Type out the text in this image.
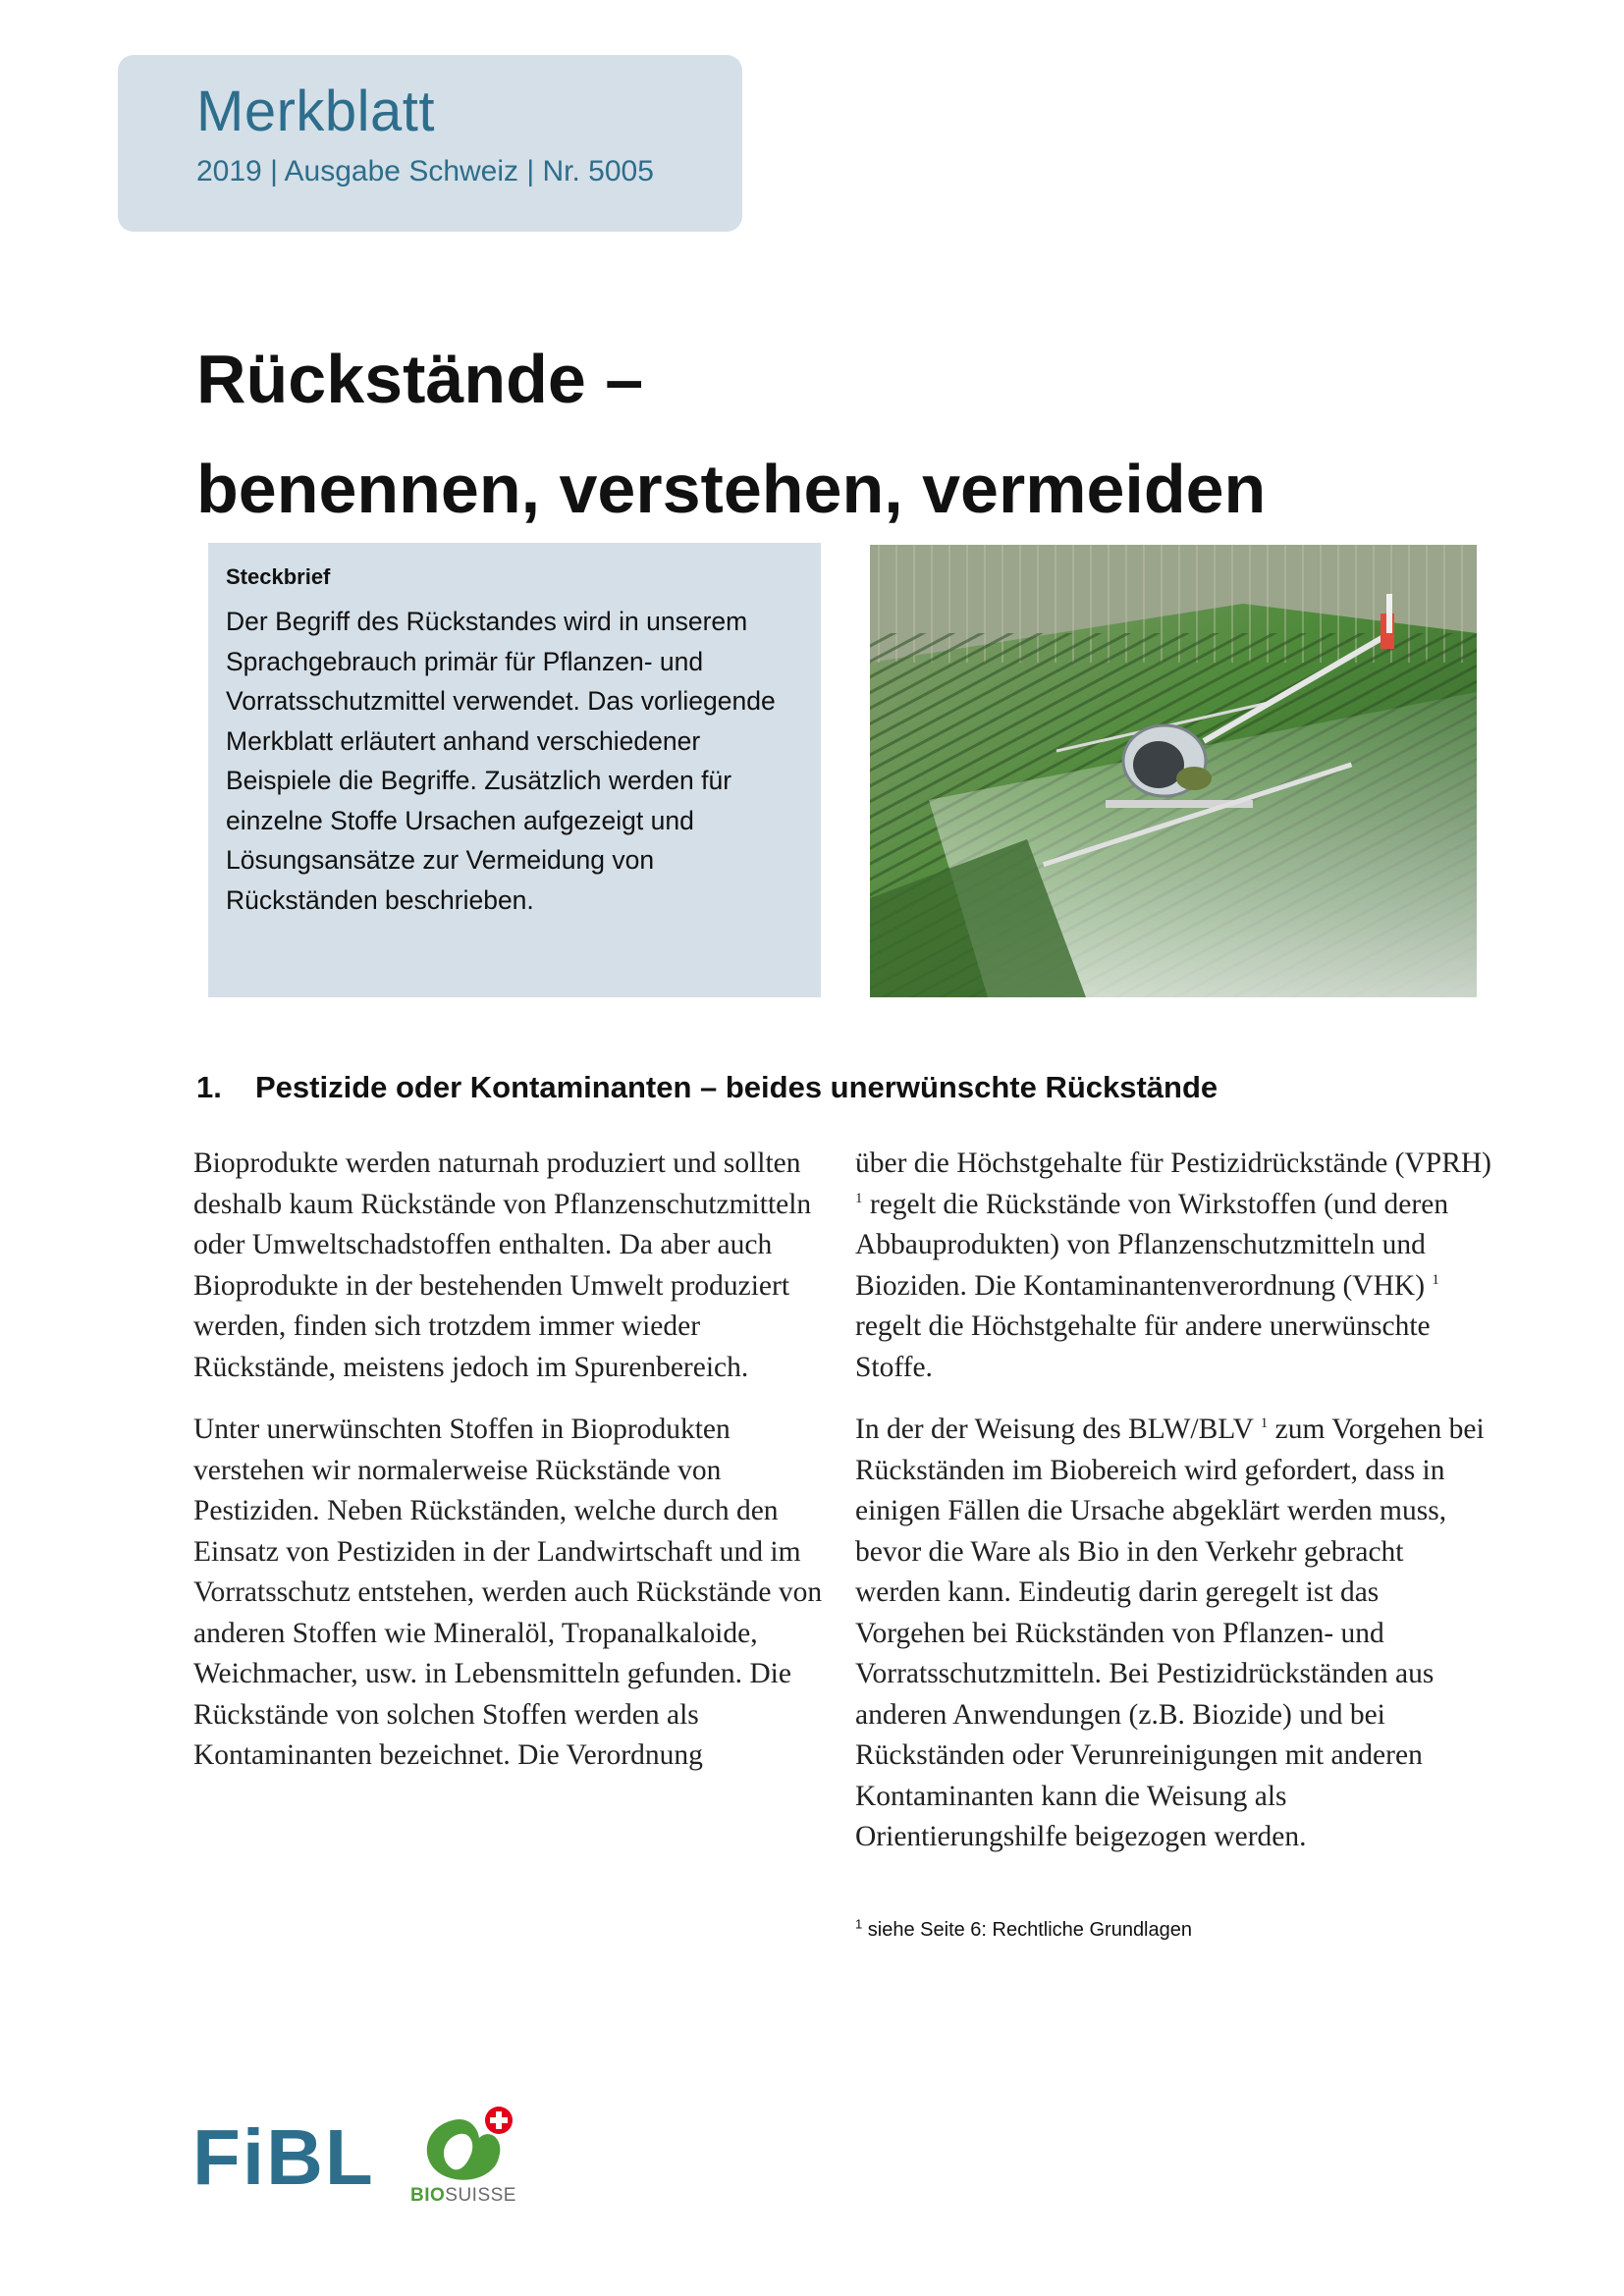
Merkblatt
2019 | Ausgabe Schweiz | Nr. 5005
Rückstände –
benennen, verstehen, vermeiden
Steckbrief
Der Begriff des Rückstandes wird in unserem Sprachgebrauch primär für Pflanzen- und Vorratsschutzmittel verwendet. Das vorliegende Merkblatt erläutert anhand verschiedener Beispiele die Begriffe. Zusätzlich werden für einzelne Stoffe Ursachen aufgezeigt und Lösungsansätze zur Vermeidung von Rückständen beschrieben.
1. Pestizide oder Kontaminanten – beides unerwünschte Rückstände

Bioprodukte werden naturnah produziert und sollten deshalb kaum Rückstände von Pflanzenschutzmitteln oder Umweltschadstoffen enthalten. Da aber auch Bioprodukte in der bestehenden Umwelt produziert werden, finden sich trotzdem immer wieder Rückstände, meistens jedoch im Spurenbereich.

Unter unerwünschten Stoffen in Bioprodukten verstehen wir normalerweise Rückstände von Pestiziden. Neben Rückständen, welche durch den Einsatz von Pestiziden in der Landwirtschaft und im Vorratsschutz entstehen, werden auch Rückstände von anderen Stoffen wie Mineralöl, Tropanalkaloide, Weichmacher, usw. in Lebensmitteln gefunden. Die Rückstände von solchen Stoffen werden als Kontaminanten bezeichnet. Die Verordnung

über die Höchstgehalte für Pestizidrückstände (VPRH) $^1$ regelt die Rückstände von Wirkstoffen (und deren Abbauprodukten) von Pflanzenschutzmitteln und Bioziden. Die Kontaminantenverordnung (VHK) $^1$ regelt die Höchstgehalte für andere unerwünschte Stoffe.

In der der Weisung des BLW/BLV $^1$ zum Vorgehen bei Rückständen im Biobereich wird gefordert, dass in einigen Fällen die Ursache abgeklärt werden muss, bevor die Ware als Bio in den Verkehr gebracht werden kann. Eindeutig darin geregelt ist das Vorgehen bei Rückständen von Pflanzen- und Vorratsschutzmitteln. Bei Pestizidrückständen aus anderen Anwendungen (z.B. Biozide) und bei Rückständen oder Verunreinigungen mit anderen Kontaminanten kann die Weisung als Orientierungshilfe beigezogen werden.

$^1$ siehe Seite 6: Rechtliche Grundlagen
FiBL BIOSUISSE
